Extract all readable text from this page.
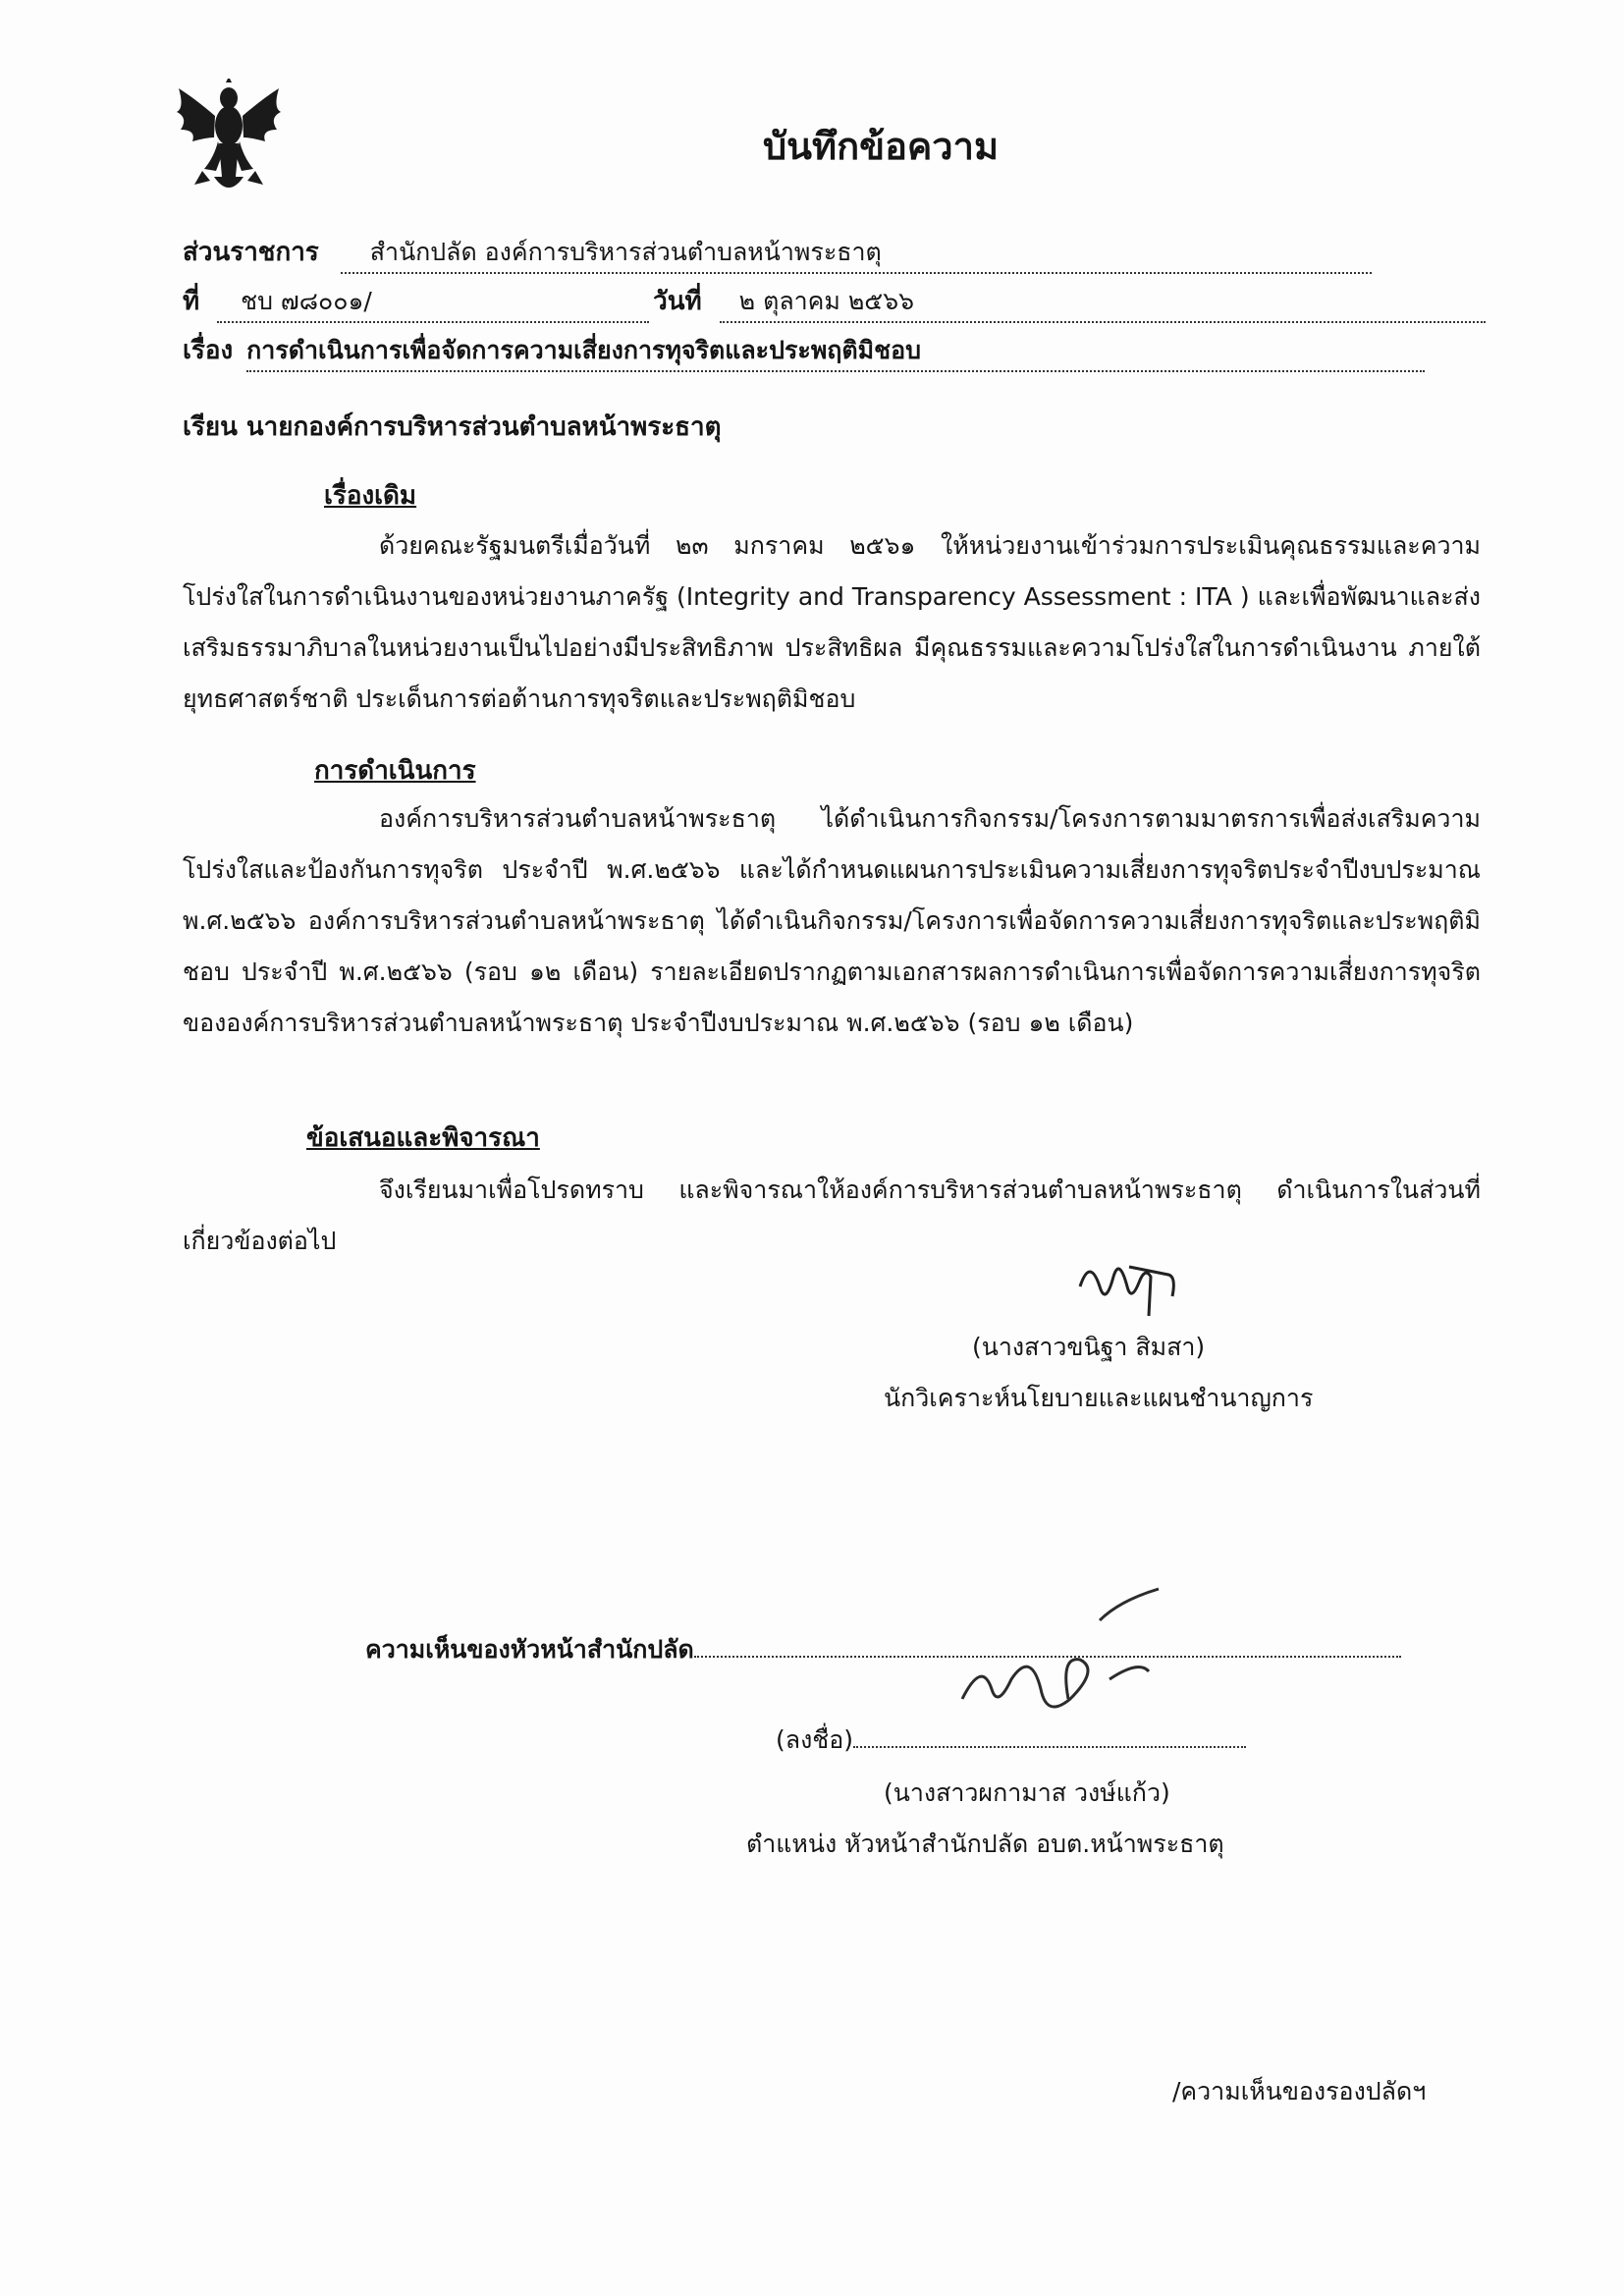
บันทึกข้อความ
ส่วนราชการ	สำนักปลัด องค์การบริหารส่วนตำบลหน้าพระธาตุ
ที่	ชบ ๗๘๐๐๑/	วันที่	๒ ตุลาคม ๒๕๖๖
เรื่อง การดำเนินการเพื่อจัดการความเสี่ยงการทุจริตและประพฤติมิชอบ
เรียน นายกองค์การบริหารส่วนตำบลหน้าพระธาตุ
เรื่องเดิม
ด้วยคณะรัฐมนตรีเมื่อวันที่ ๒๓ มกราคม ๒๕๖๑ ให้หน่วยงานเข้าร่วมการประเมินคุณธรรมและความโปร่งใสในการดำเนินงานของหน่วยงานภาครัฐ (Integrity and Transparency Assessment : ITA ) และเพื่อพัฒนาและส่งเสริมธรรมาภิบาลในหน่วยงานเป็นไปอย่างมีประสิทธิภาพ ประสิทธิผล มีคุณธรรมและความโปร่งใสในการดำเนินงาน ภายใต้ยุทธศาสตร์ชาติ ประเด็นการต่อต้านการทุจริตและประพฤติมิชอบ
การดำเนินการ
องค์การบริหารส่วนตำบลหน้าพระธาตุ ได้ดำเนินการกิจกรรม/โครงการตามมาตรการเพื่อส่งเสริมความโปร่งใสและป้องกันการทุจริต ประจำปี พ.ศ.๒๕๖๖ และได้กำหนดแผนการประเมินความเสี่ยงการทุจริตประจำปีงบประมาณ พ.ศ.๒๕๖๖ องค์การบริหารส่วนตำบลหน้าพระธาตุ ได้ดำเนินกิจกรรม/โครงการเพื่อจัดการความเสี่ยงการทุจริตและประพฤติมิชอบ ประจำปี พ.ศ.๒๕๖๖ (รอบ ๑๒ เดือน) รายละเอียดปรากฏตามเอกสารผลการดำเนินการเพื่อจัดการความเสี่ยงการทุจริต ขององค์การบริหารส่วนตำบลหน้าพระธาตุ ประจำปีงบประมาณ พ.ศ.๒๕๖๖ (รอบ ๑๒ เดือน)
ข้อเสนอและพิจารณา
จึงเรียนมาเพื่อโปรดทราบ และพิจารณาให้องค์การบริหารส่วนตำบลหน้าพระธาตุ ดำเนินการในส่วนที่เกี่ยวข้องต่อไป
(นางสาวขนิฐา สิมสา)
นักวิเคราะห์นโยบายและแผนชำนาญการ
ความเห็นของหัวหน้าสำนักปลัด
(ลงชื่อ)
(นางสาวผกามาส วงษ์แก้ว)
ตำแหน่ง หัวหน้าสำนักปลัด อบต.หน้าพระธาตุ
/ความเห็นของรองปลัดฯ
